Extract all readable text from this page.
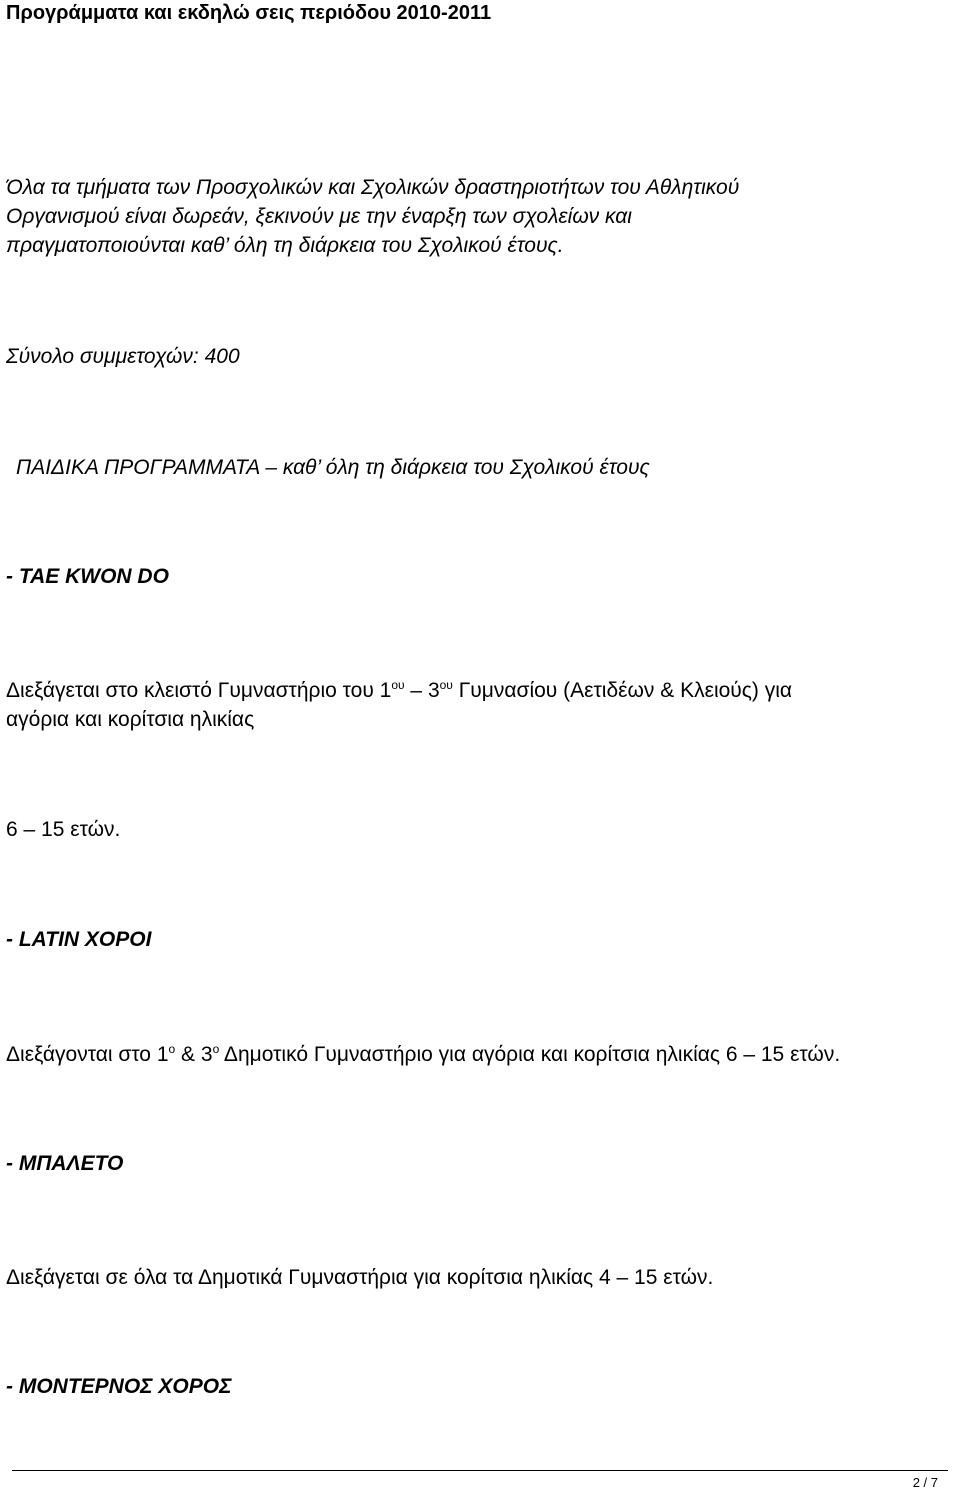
Προγράμματα και εκδηλώ σεις περιόδου 2010-2011
Όλα τα τμήματα των Προσχολικών και Σχολικών δραστηριοτήτων του Αθλητικού
Οργανισμού είναι δωρεάν, ξεκινούν με την έναρξη των σχολείων και
πραγματοποιούνται καθ’ όλη τη διάρκεια του Σχολικού έτους.
Σύνολο συμμετοχών: 400
ΠΑΙΔΙΚΑ ΠΡΟΓΡΑΜΜΑΤΑ – καθ’ όλη τη διάρκεια του Σχολικού έτους
- TAE KWON DO
Διεξάγεται στο κλειστό Γυμναστήριο του $1^{o\upsilon} - 3^{o\upsilon}$ Γυμνασίου (Αετιδέων & Κλειούς) για
αγόρια και κορίτσια ηλικίας
6 – 15 ετών.
- LATIN ΧΟΡΟΙ
Διεξάγονται στο $1^o$ & $3^o$ Δημοτικό Γυμναστήριο για αγόρια και κορίτσια ηλικίας 6 – 15 ετών.
- ΜΠΑΛΕΤΟ
Διεξάγεται σε όλα τα Δημοτικά Γυμναστήρια για κορίτσια ηλικίας 4 – 15 ετών.
- ΜΟΝΤΕΡΝΟΣ ΧΟΡΟΣ
2 / 7
